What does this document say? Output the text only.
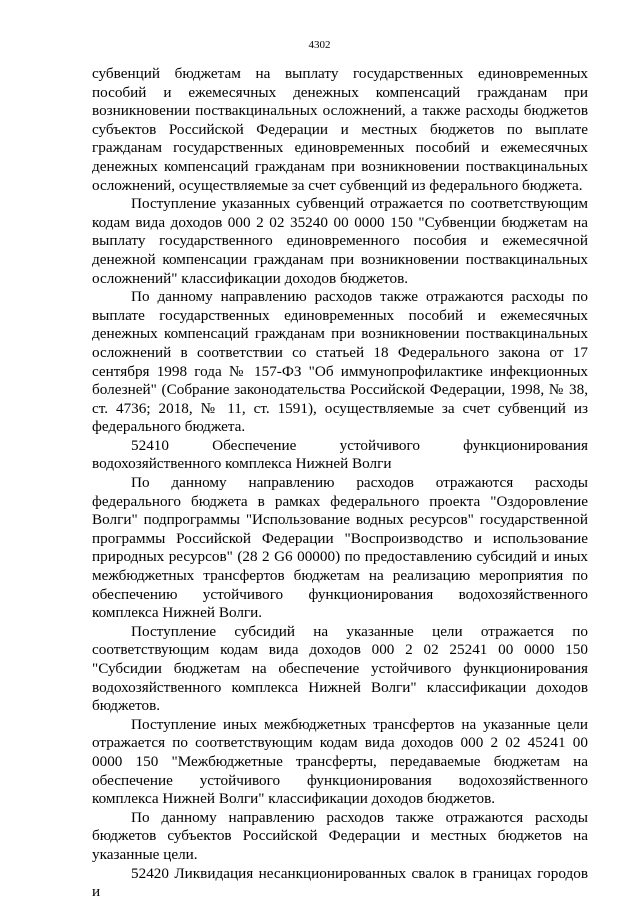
4302

субвенций бюджетам на выплату государственных единовременных пособий и ежемесячных денежных компенсаций гражданам при возникновении поствакцинальных осложнений, а также расходы бюджетов субъектов Российской Федерации и местных бюджетов по выплате гражданам государственных единовременных пособий и ежемесячных денежных компенсаций гражданам при возникновении поствакцинальных осложнений, осуществляемые за счет субвенций из федерального бюджета.

Поступление указанных субвенций отражается по соответствующим кодам вида доходов 000 2 02 35240 00 0000 150 "Субвенции бюджетам на выплату государственного единовременного пособия и ежемесячной денежной компенсации гражданам при возникновении поствакцинальных осложнений" классификации доходов бюджетов.

По данному направлению расходов также отражаются расходы по выплате государственных единовременных пособий и ежемесячных денежных компенсаций гражданам при возникновении поствакцинальных осложнений в соответствии со статьей 18 Федерального закона от 17 сентября 1998 года № 157-ФЗ "Об иммунопрофилактике инфекционных болезней" (Собрание законодательства Российской Федерации, 1998, № 38, ст. 4736; 2018, № 11, ст. 1591), осуществляемые за счет субвенций из федерального бюджета.

52410 Обеспечение устойчивого функционирования

водохозяйственного комплекса Нижней Волги

По данному направлению расходов отражаются расходы федерального бюджета в рамках федерального проекта "Оздоровление Волги" подпрограммы "Использование водных ресурсов" государственной программы Российской Федерации "Воспроизводство и использование природных ресурсов" (28 2 G6 00000) по предоставлению субсидий и иных межбюджетных трансфертов бюджетам на реализацию мероприятия по обеспечению устойчивого функционирования водохозяйственного комплекса Нижней Волги.

Поступление субсидий на указанные цели отражается по соответствующим кодам вида доходов 000 2 02 25241 00 0000 150 "Субсидии бюджетам на обеспечение устойчивого функционирования водохозяйственного комплекса Нижней Волги" классификации доходов бюджетов.

Поступление иных межбюджетных трансфертов на указанные цели отражается по соответствующим кодам вида доходов 000 2 02 45241 00 0000 150 "Межбюджетные трансферты, передаваемые бюджетам на обеспечение устойчивого функционирования водохозяйственного комплекса Нижней Волги" классификации доходов бюджетов.

По данному направлению расходов также отражаются расходы бюджетов субъектов Российской Федерации и местных бюджетов на указанные цели.

52420 Ликвидация несанкционированных свалок в границах городов и
